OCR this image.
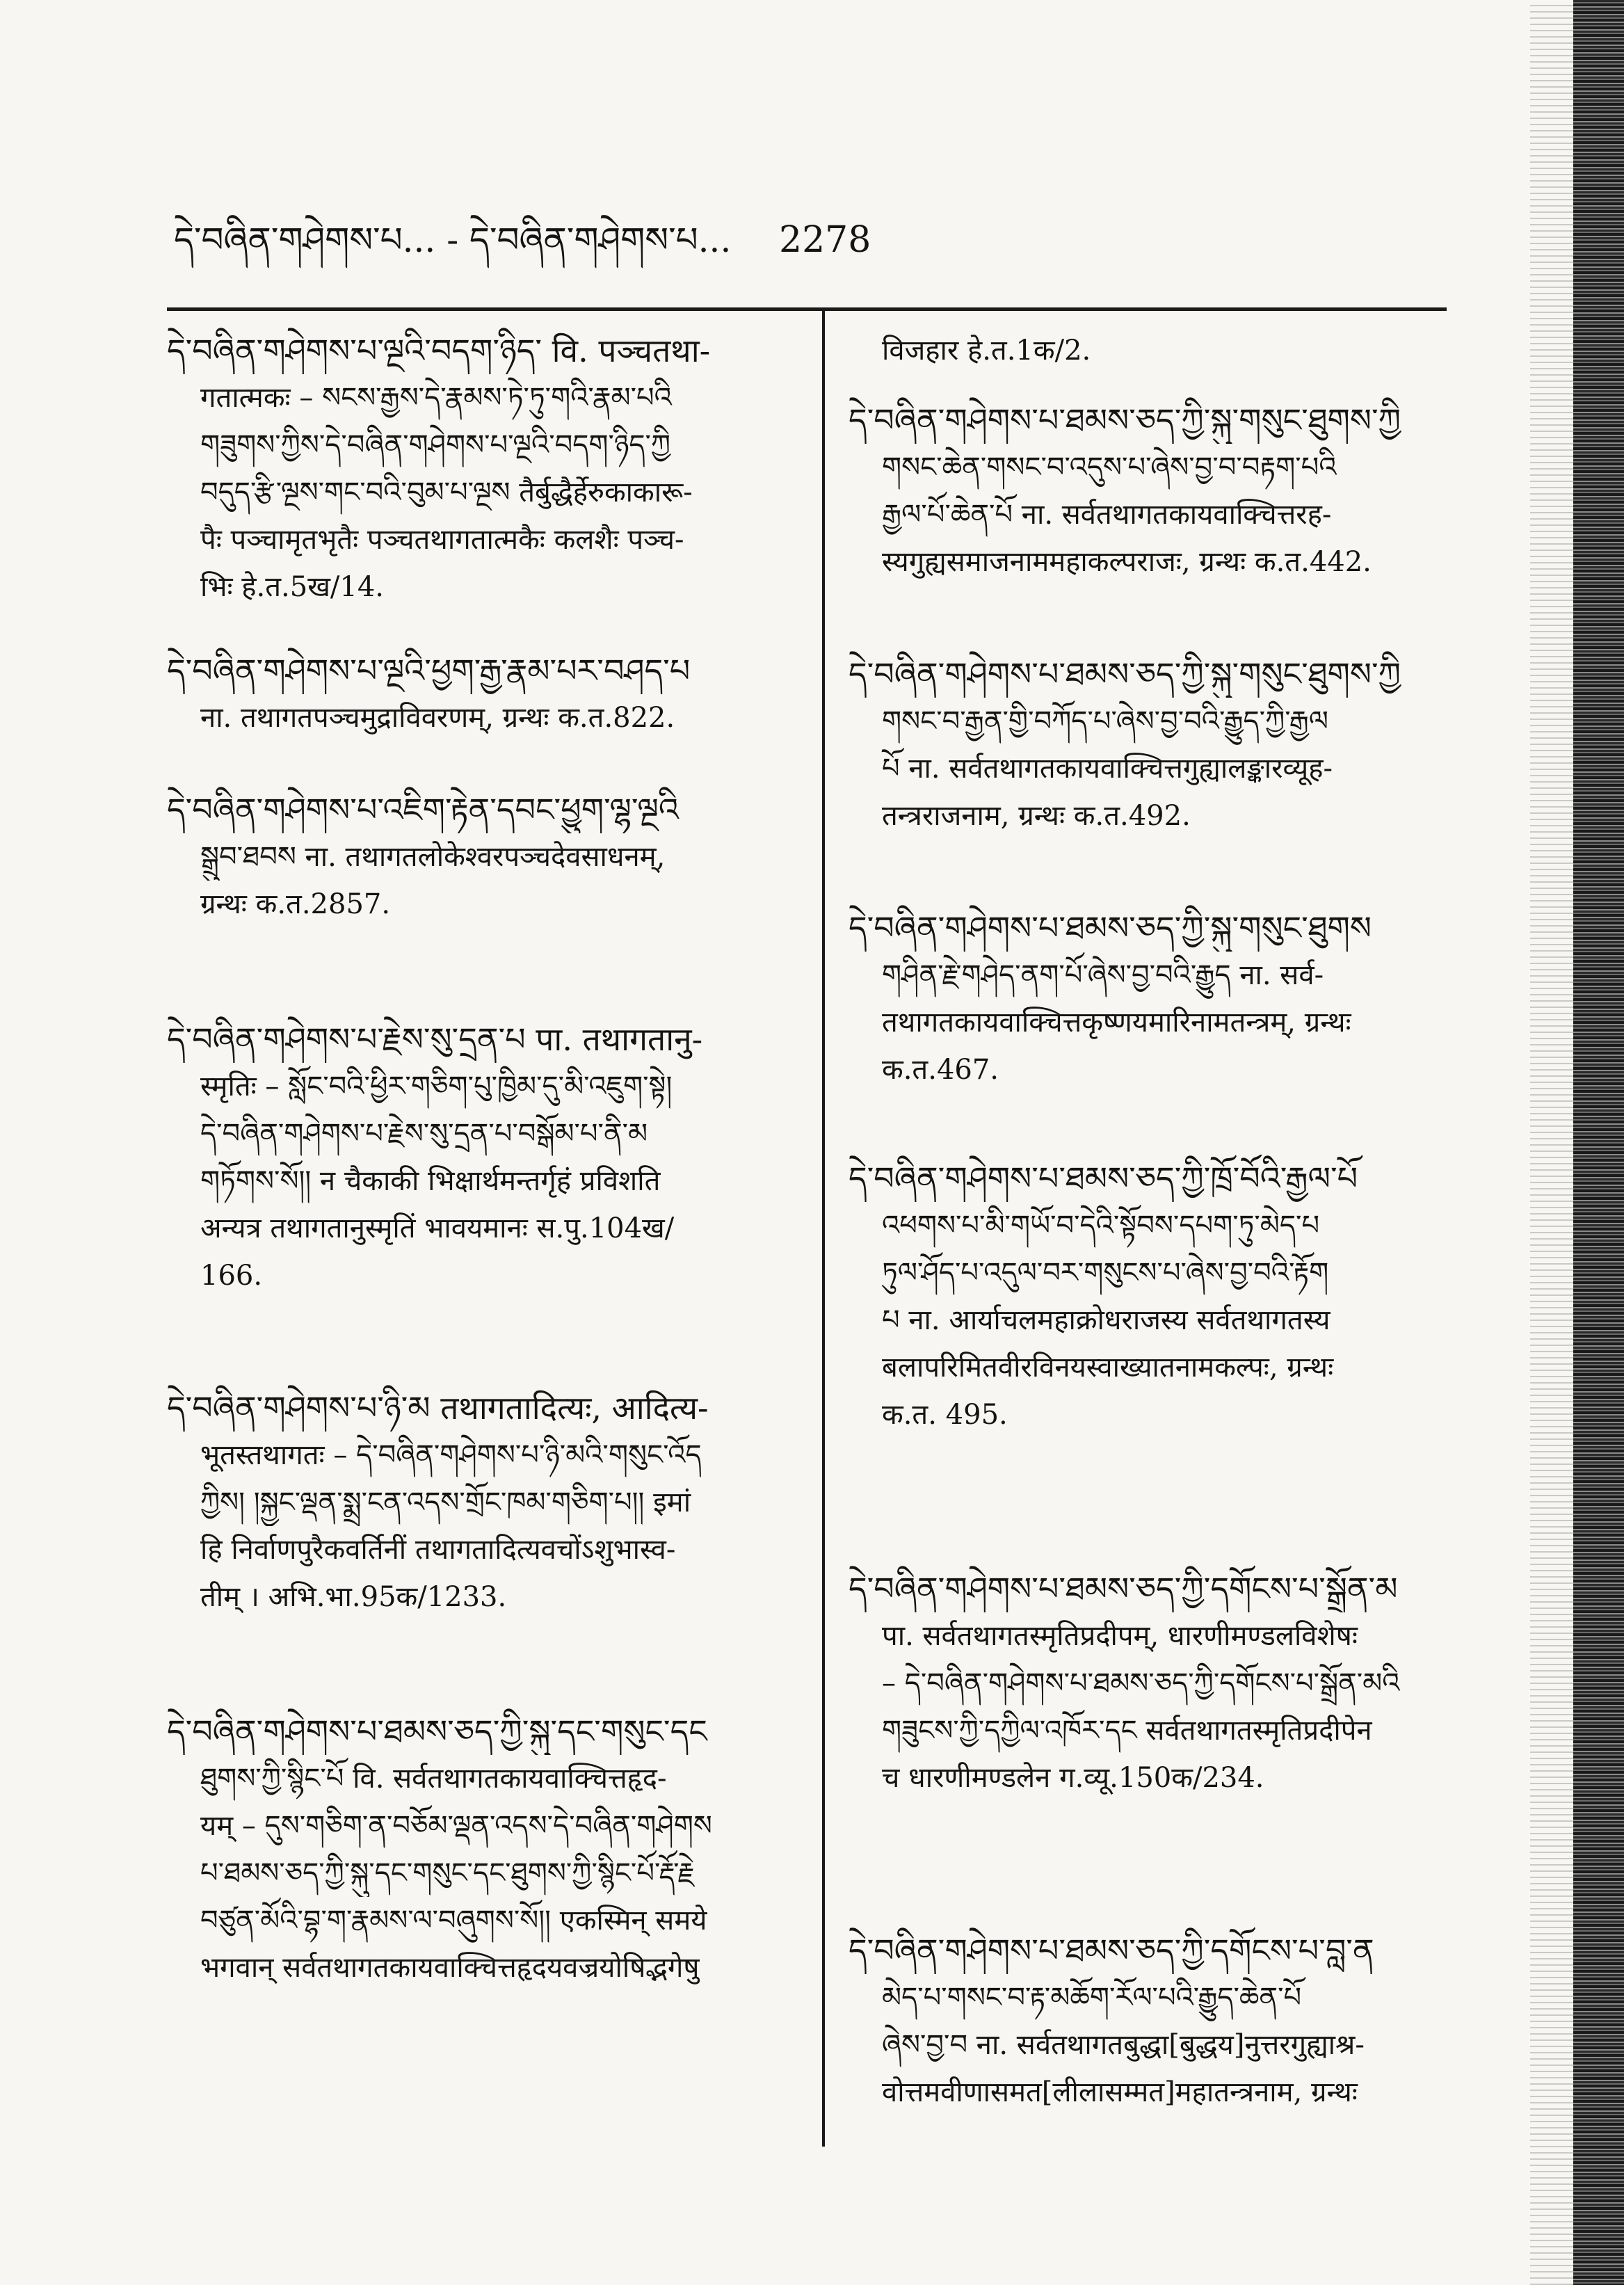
དེ་བཞིན་གཤེགས་པ... - དེ་བཞིན་གཤེགས་པ... 2278
དེ་བཞིན་གཤེགས་པ་ལྔའི་བདག་ཉིད་ वि. पञ्चतथा-
गतात्मकः – སངས་རྒྱས་དེ་རྣམས་ཏེ་ཏུ་གའི་རྣམ་པའི
གཟུགས་ཀྱིས་དེ་བཞིན་གཤེགས་པ་ལྔའི་བདག་ཉིད་ཀྱི
བདུད་རྩི་ལྔས་གང་བའི་བུམ་པ་ལྔས तैर्बुद्धैर्हेरुकाकारू-
पैः पञ्चामृतभृतैः पञ्चतथागतात्मकैः कलशैः पञ्च-
भिः हे.त.5ख/14.
དེ་བཞིན་གཤེགས་པ་ལྔའི་ཕྱག་རྒྱ་རྣམ་པར་བཤད་པ
ना. तथागतपञ्चमुद्राविवरणम्, ग्रन्थः क.त.822.
དེ་བཞིན་གཤེགས་པ་འཇིག་རྟེན་དབང་ཕྱུག་ལྷ་ལྔའི
སྒྲུབ་ཐབས ना. तथागतलोकेश्वरपञ्चदेवसाधनम्,
ग्रन्थः क.त.2857.
དེ་བཞིན་གཤེགས་པ་རྗེས་སུ་དྲན་པ पा. तथागतानु-
स्मृतिः – སློང་བའི་ཕྱིར་གཅིག་པུ་ཁྱིམ་དུ་མི་འཇུག་སྟེ།
དེ་བཞིན་གཤེགས་པ་རྗེས་སུ་དྲན་པ་བསྒོམ་པ་ནི་མ
གཏོགས་སོ།། न चैकाकी भिक्षार्थमन्तर्गृहं प्रविशति
अन्यत्र तथागतानुस्मृतिं भावयमानः स.पु.104ख/
166.
དེ་བཞིན་གཤེགས་པ་ཉི་མ तथागतादित्यः, आदित्य-
भूतस्तथागतः – དེ་བཞིན་གཤེགས་པ་ཉི་མའི་གསུང་འོད
ཀྱིས། །སྐྱང་ལྡན་སྨྲ་ངན་འདས་གྲོང་ཁམ་གཅིག་པ།། इमां
हि निर्वाणपुरैकवर्तिनीं तथागतादित्यवचोंऽशुभास्व-
तीम् । अभि.भा.95क/1233.
དེ་བཞིན་གཤེགས་པ་ཐམས་ཅད་ཀྱི་སྐུ་དང་གསུང་དང
ཐུགས་ཀྱི་སྙིང་པོ वि. सर्वतथागतकायवाक्चित्तहृद-
यम् – དུས་གཅིག་ན་བཅོམ་ལྡན་འདས་དེ་བཞིན་གཤེགས
པ་ཐམས་ཅད་ཀྱི་སྐུ་དང་གསུང་དང་ཐུགས་ཀྱི་སྙིང་པོ་རྡོ་རྗེ
བཙུན་མོའི་བྷ་ག་རྣམས་ལ་བཞུགས་སོ།། एकस्मिन् समये
भगवान् सर्वतथागतकायवाक्चित्तहृदयवज्रयोषिद्भगेषु
विजहार हे.त.1क/2.
དེ་བཞིན་གཤེགས་པ་ཐམས་ཅད་ཀྱི་སྐུ་གསུང་ཐུགས་ཀྱི
གསང་ཆེན་གསང་བ་འདུས་པ་ཞེས་བྱ་བ་བརྟག་པའི
རྒྱལ་པོ་ཆེན་པོ ना. सर्वतथागतकायवाक्चित्तरह-
स्यगुह्यसमाजनाममहाकल्पराजः, ग्रन्थः क.त.442.
དེ་བཞིན་གཤེགས་པ་ཐམས་ཅད་ཀྱི་སྐུ་གསུང་ཐུགས་ཀྱི
གསང་བ་རྒྱན་གྱི་བཀོད་པ་ཞེས་བྱ་བའི་རྒྱུད་ཀྱི་རྒྱལ
པོ ना. सर्वतथागतकायवाक्चित्तगुह्यालङ्कारव्यूह-
तन्त्रराजनाम, ग्रन्थः क.त.492.
དེ་བཞིན་གཤེགས་པ་ཐམས་ཅད་ཀྱི་སྐུ་གསུང་ཐུགས
གཤིན་རྗེ་གཤེད་ནག་པོ་ཞེས་བྱ་བའི་རྒྱུད ना. सर्व-
तथागतकायवाक्चित्तकृष्णयमारिनामतन्त्रम्, ग्रन्थः
क.त.467.
དེ་བཞིན་གཤེགས་པ་ཐམས་ཅད་ཀྱི་ཁྲོ་བོའི་རྒྱལ་པོ
འཕགས་པ་མི་གཡོ་བ་དེའི་སྟོབས་དཔག་ཏུ་མེད་པ
ཏུལ་ཤོད་པ་འདུལ་བར་གསུངས་པ་ཞེས་བྱ་བའི་རྟོག
པ ना. आर्याचलमहाक्रोधराजस्य सर्वतथागतस्य
बलापरिमितवीरविनयस्वाख्यातनामकल्पः, ग्रन्थः
क.त. 495.
དེ་བཞིན་གཤེགས་པ་ཐམས་ཅད་ཀྱི་དགོངས་པ་སྒྲོན་མ
पा. सर्वतथागतस्मृतिप्रदीपम्, धारणीमण्डलविशेषः
– དེ་བཞིན་གཤེགས་པ་ཐམས་ཅད་ཀྱི་དགོངས་པ་སྒྲོན་མའི
གཟུངས་ཀྱི་དཀྱིལ་འཁོར་དང सर्वतथागतस्मृतिप्रदीपेन
च धारणीमण्डलेन ग.व्यू.150क/234.
དེ་བཞིན་གཤེགས་པ་ཐམས་ཅད་ཀྱི་དགོངས་པ་བླ་ན
མེད་པ་གསང་བ་རྟ་མཆོག་རོལ་པའི་རྒྱུད་ཆེན་པོ
ཞེས་བྱ་བ ना. सर्वतथागतबुद्धा[बुद्धय]नुत्तरगुह्याश्र-
वोत्तमवीणासमत[लीलासम्मत]महातन्त्रनाम, ग्रन्थः
